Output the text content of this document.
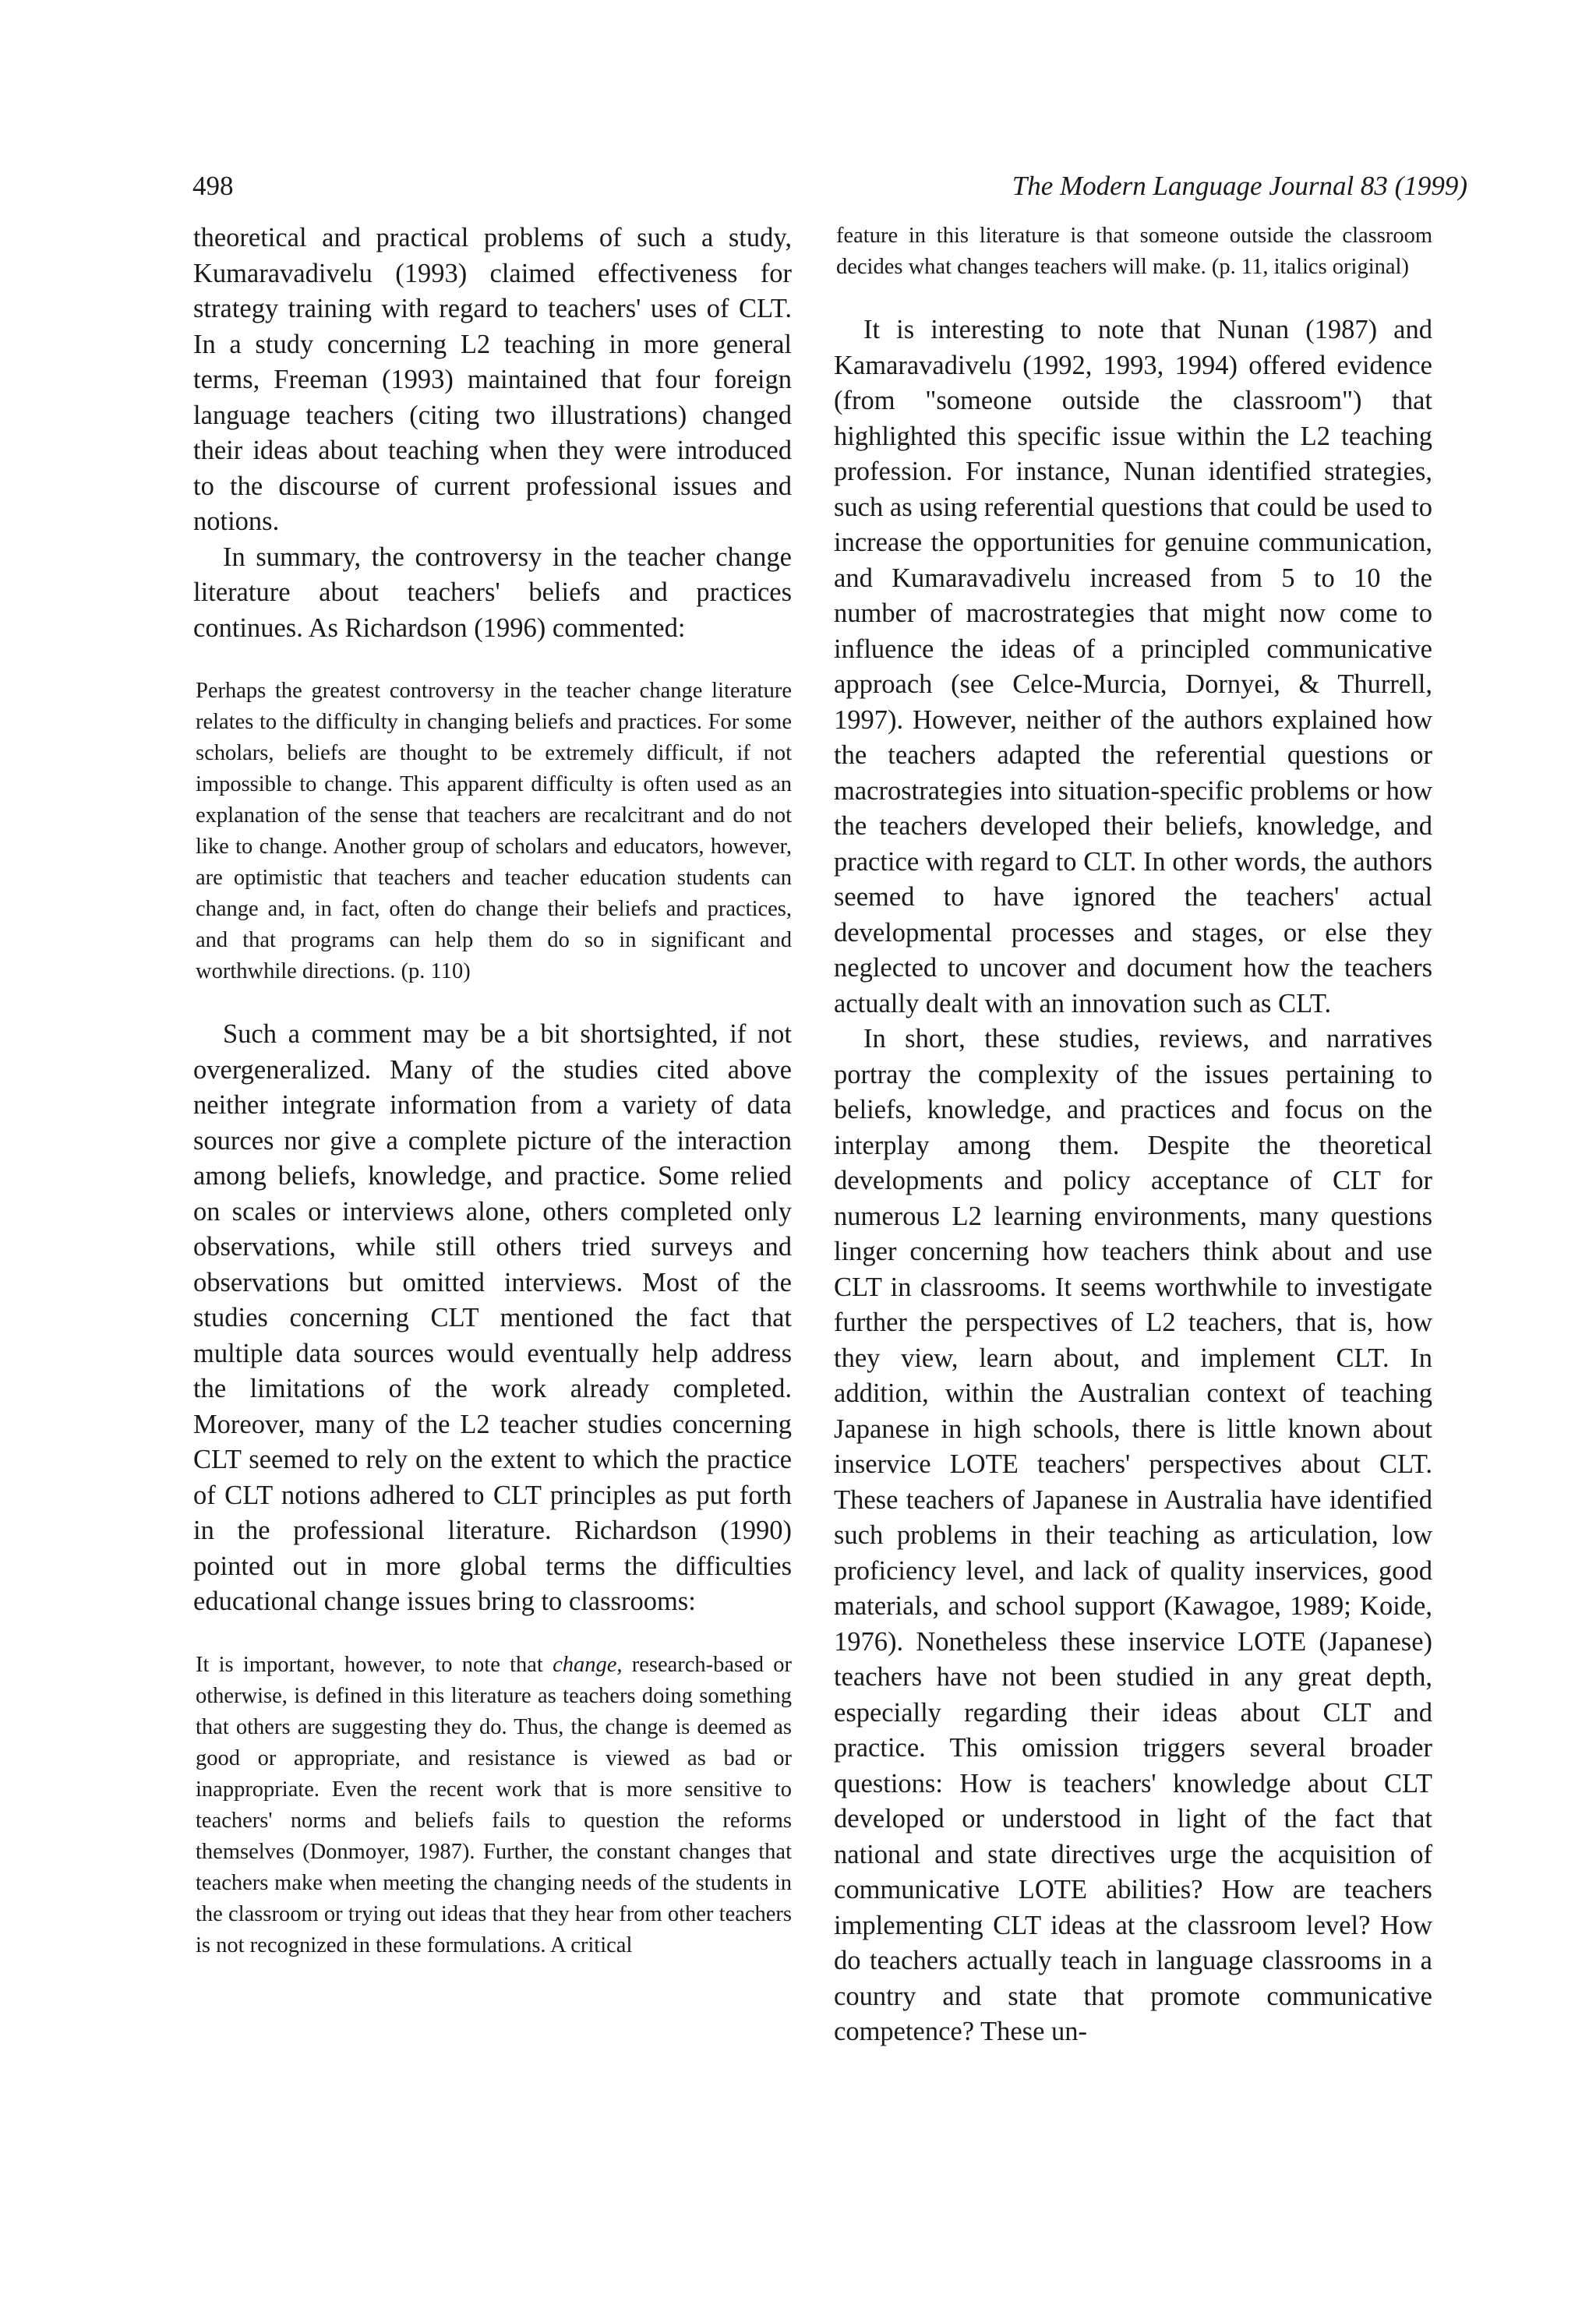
498	The Modern Language Journal 83 (1999)

theoretical and practical problems of such a study, Kumaravadivelu (1993) claimed effectiveness for strategy training with regard to teachers' uses of CLT. In a study concerning L2 teaching in more general terms, Freeman (1993) maintained that four foreign language teachers (citing two illustrations) changed their ideas about teaching when they were introduced to the discourse of current professional issues and notions.

In summary, the controversy in the teacher change literature about teachers' beliefs and practices continues. As Richardson (1996) commented:

Perhaps the greatest controversy in the teacher change literature relates to the difficulty in changing beliefs and practices. For some scholars, beliefs are thought to be extremely difficult, if not impossible to change. This apparent difficulty is often used as an explanation of the sense that teachers are recalcitrant and do not like to change. Another group of scholars and educators, however, are optimistic that teachers and teacher education students can change and, in fact, often do change their beliefs and practices, and that programs can help them do so in significant and worthwhile directions. (p. 110)

Such a comment may be a bit shortsighted, if not overgeneralized. Many of the studies cited above neither integrate information from a variety of data sources nor give a complete picture of the interaction among beliefs, knowledge, and practice. Some relied on scales or interviews alone, others completed only observations, while still others tried surveys and observations but omitted interviews. Most of the studies concerning CLT mentioned the fact that multiple data sources would eventually help address the limitations of the work already completed. Moreover, many of the L2 teacher studies concerning CLT seemed to rely on the extent to which the practice of CLT notions adhered to CLT principles as put forth in the professional literature. Richardson (1990) pointed out in more global terms the difficulties educational change issues bring to classrooms:

It is important, however, to note that change, research-based or otherwise, is defined in this literature as teachers doing something that others are suggesting they do. Thus, the change is deemed as good or appropriate, and resistance is viewed as bad or inappropriate. Even the recent work that is more sensitive to teachers' norms and beliefs fails to question the reforms themselves (Donmoyer, 1987). Further, the constant changes that teachers make when meeting the changing needs of the students in the classroom or trying out ideas that they hear from other teachers is not recognized in these formulations. A critical

feature in this literature is that someone outside the classroom decides what changes teachers will make. (p. 11, italics original)

It is interesting to note that Nunan (1987) and Kamaravadivelu (1992, 1993, 1994) offered evidence (from "someone outside the classroom") that highlighted this specific issue within the L2 teaching profession. For instance, Nunan identified strategies, such as using referential questions that could be used to increase the opportunities for genuine communication, and Kumaravadivelu increased from 5 to 10 the number of macrostrategies that might now come to influence the ideas of a principled communicative approach (see Celce-Murcia, Dornyei, & Thurrell, 1997). However, neither of the authors explained how the teachers adapted the referential questions or macrostrategies into situation-specific problems or how the teachers developed their beliefs, knowledge, and practice with regard to CLT. In other words, the authors seemed to have ignored the teachers' actual developmental processes and stages, or else they neglected to uncover and document how the teachers actually dealt with an innovation such as CLT.

In short, these studies, reviews, and narratives portray the complexity of the issues pertaining to beliefs, knowledge, and practices and focus on the interplay among them. Despite the theoretical developments and policy acceptance of CLT for numerous L2 learning environments, many questions linger concerning how teachers think about and use CLT in classrooms. It seems worthwhile to investigate further the perspectives of L2 teachers, that is, how they view, learn about, and implement CLT. In addition, within the Australian context of teaching Japanese in high schools, there is little known about inservice LOTE teachers' perspectives about CLT. These teachers of Japanese in Australia have identified such problems in their teaching as articulation, low proficiency level, and lack of quality inservices, good materials, and school support (Kawagoe, 1989; Koide, 1976). Nonetheless these inservice LOTE (Japanese) teachers have not been studied in any great depth, especially regarding their ideas about CLT and practice. This omission triggers several broader questions: How is teachers' knowledge about CLT developed or understood in light of the fact that national and state directives urge the acquisition of communicative LOTE abilities? How are teachers implementing CLT ideas at the classroom level? How do teachers actually teach in language classrooms in a country and state that promote communicative competence? These un-
